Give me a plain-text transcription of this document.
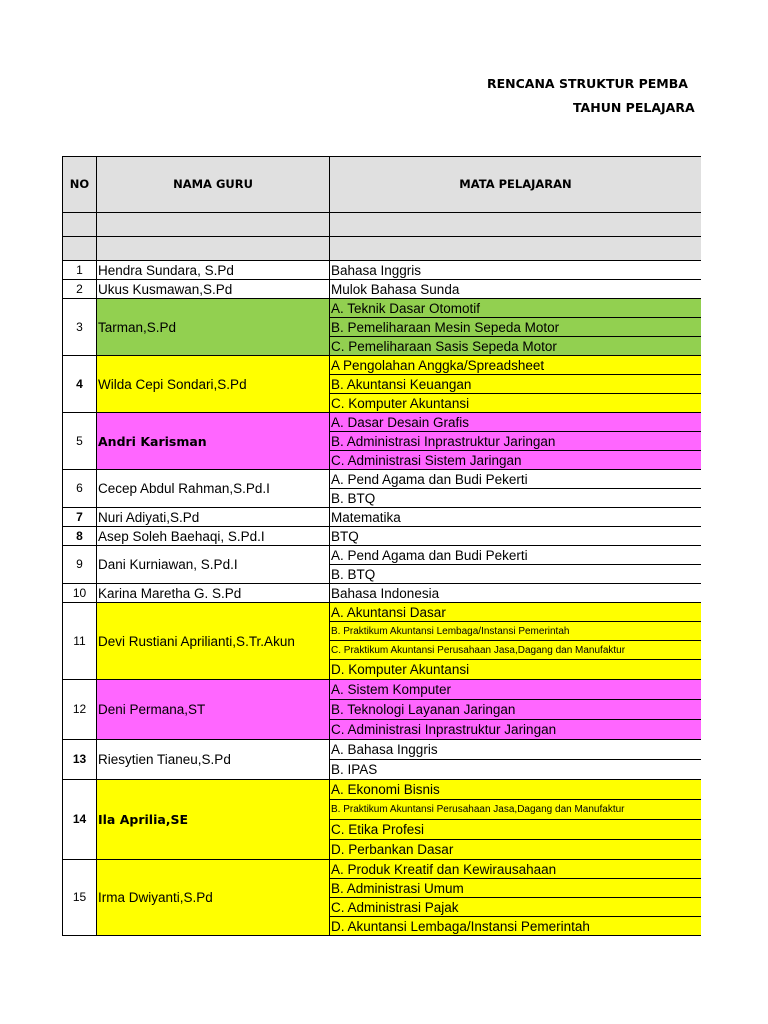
RENCANA STRUKTUR PEMBA
TAHUN PELAJARA
NO	NAMA GURU	MATA PELAJARAN

1	Hendra Sundara, S.Pd	Bahasa Inggris
2	Ukus Kusmawan,S.Pd	Mulok Bahasa Sunda
3	Tarman,S.Pd	A. Teknik Dasar Otomotif
		B. Pemeliharaan Mesin Sepeda Motor
		C. Pemeliharaan Sasis Sepeda Motor
4	Wilda Cepi Sondari,S.Pd	A Pengolahan Anggka/Spreadsheet
		B. Akuntansi Keuangan
		C. Komputer Akuntansi
5	Andri Karisman	A. Dasar Desain Grafis
		B. Administrasi Inprastruktur Jaringan
		C. Administrasi Sistem Jaringan
6	Cecep Abdul Rahman,S.Pd.I	A. Pend Agama dan Budi Pekerti
		B. BTQ
7	Nuri Adiyati,S.Pd	Matematika
8	Asep Soleh Baehaqi, S.Pd.I	BTQ
9	Dani Kurniawan, S.Pd.I	A. Pend Agama dan Budi Pekerti
		B. BTQ
10	Karina Maretha G. S.Pd	Bahasa Indonesia
11	Devi Rustiani Aprilianti,S.Tr.Akun	A. Akuntansi Dasar
		B. Praktikum Akuntansi Lembaga/Instansi Pemerintah
		C. Praktikum Akuntansi Perusahaan Jasa,Dagang dan Manufaktur
		D. Komputer Akuntansi
12	Deni Permana,ST	A. Sistem Komputer
		B. Teknologi Layanan Jaringan
		C. Administrasi Inprastruktur Jaringan
13	Riesytien Tianeu,S.Pd	A. Bahasa Inggris
		B. IPAS
14	Ila Aprilia,SE	A. Ekonomi Bisnis
		B. Praktikum Akuntansi Perusahaan Jasa,Dagang dan Manufaktur
		C. Etika Profesi
		D. Perbankan Dasar
15	Irma Dwiyanti,S.Pd	A. Produk Kreatif dan Kewirausahaan
		B. Administrasi Umum
		C. Administrasi Pajak
		D. Akuntansi Lembaga/Instansi Pemerintah
